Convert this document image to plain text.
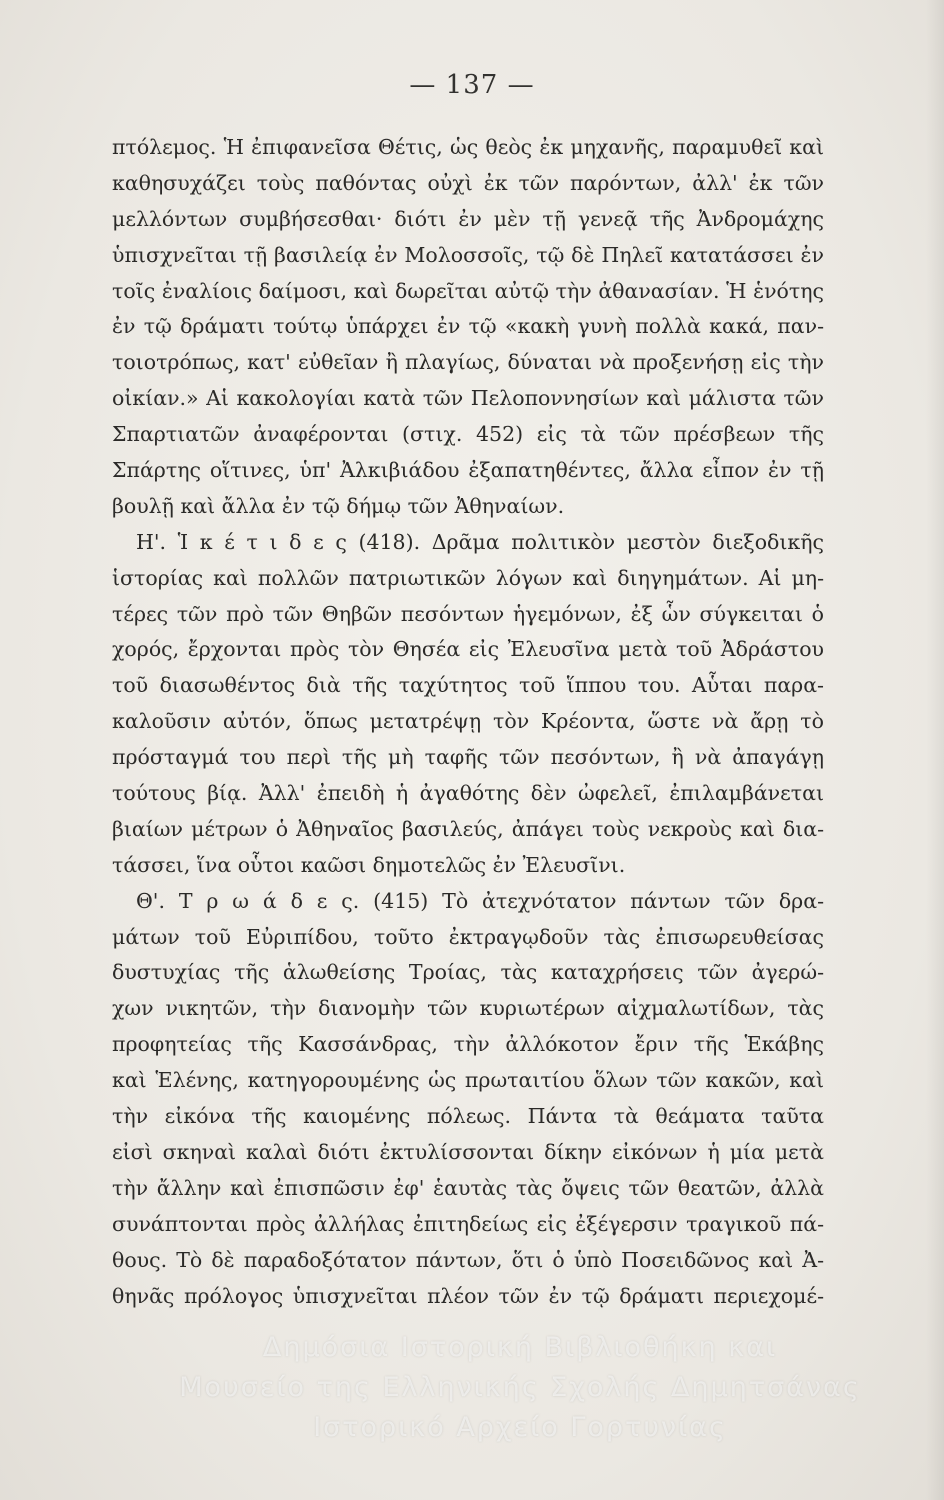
— 137 —
πτόλεμος. Ἡ ἐπιφανεῖσα Θέτις, ὡς θεὸς ἐκ μηχανῆς, παραμυθεῖ καὶ
καθησυχάζει τοὺς παθόντας οὐχὶ ἐκ τῶν παρόντων, ἀλλ' ἐκ τῶν
μελλόντων συμβήσεσθαι· διότι ἐν μὲν τῇ γενεᾷ τῆς Ἀνδρομάχης
ὑπισχνεῖται τῇ βασιλείᾳ ἐν Μολοσσοῖς, τῷ δὲ Πηλεῖ κατατάσσει ἐν
τοῖς ἐναλίοις δαίμοσι, καὶ δωρεῖται αὐτῷ τὴν ἀθανασίαν. Ἡ ἑνότης
ἐν τῷ δράματι τούτῳ ὑπάρχει ἐν τῷ «κακὴ γυνὴ πολλὰ κακά, παν-
τοιοτρόπως, κατ' εὐθεῖαν ἢ πλαγίως, δύναται νὰ προξενήσῃ εἰς τὴν
οἰκίαν.» Αἱ κακολογίαι κατὰ τῶν Πελοποννησίων καὶ μάλιστα τῶν
Σπαρτιατῶν ἀναφέρονται (στιχ. 452) εἰς τὰ τῶν πρέσβεων τῆς
Σπάρτης οἵτινες, ὑπ' Ἀλκιβιάδου ἐξαπατηθέντες, ἄλλα εἶπον ἐν τῇ
βουλῇ καὶ ἄλλα ἐν τῷ δήμῳ τῶν Ἀθηναίων.
Η'. Ἱ κ έ τ ι δ ε ς (418). Δρᾶμα πολιτικὸν μεστὸν διεξοδικῆς
ἱστορίας καὶ πολλῶν πατριωτικῶν λόγων καὶ διηγημάτων. Αἱ μη-
τέρες τῶν πρὸ τῶν Θηβῶν πεσόντων ἡγεμόνων, ἐξ ὧν σύγκειται ὁ
χορός, ἔρχονται πρὸς τὸν Θησέα εἰς Ἐλευσῖνα μετὰ τοῦ Ἀδράστου
τοῦ διασωθέντος διὰ τῆς ταχύτητος τοῦ ἵππου του. Αὗται παρα-
καλοῦσιν αὐτόν, ὅπως μετατρέψῃ τὸν Κρέοντα, ὥστε νὰ ἄρῃ τὸ
πρόσταγμά του περὶ τῆς μὴ ταφῆς τῶν πεσόντων, ἢ νὰ ἀπαγάγῃ
τούτους βίᾳ. Ἀλλ' ἐπειδὴ ἡ ἀγαθότης δὲν ὠφελεῖ, ἐπιλαμβάνεται
βιαίων μέτρων ὁ Ἀθηναῖος βασιλεύς, ἀπάγει τοὺς νεκροὺς καὶ δια-
τάσσει, ἵνα οὗτοι καῶσι δημοτελῶς ἐν Ἐλευσῖνι.
Θ'. Τ ρ ω ά δ ε ς. (415) Τὸ ἀτεχνότατον πάντων τῶν δρα-
μάτων τοῦ Εὐριπίδου, τοῦτο ἐκτραγῳδοῦν τὰς ἐπισωρευθείσας
δυστυχίας τῆς ἁλωθείσης Τροίας, τὰς καταχρήσεις τῶν ἀγερώ-
χων νικητῶν, τὴν διανομὴν τῶν κυριωτέρων αἰχμαλωτίδων, τὰς
προφητείας τῆς Κασσάνδρας, τὴν ἀλλόκοτον ἔριν τῆς Ἑκάβης
καὶ Ἑλένης, κατηγορουμένης ὡς πρωταιτίου ὅλων τῶν κακῶν, καὶ
τὴν εἰκόνα τῆς καιομένης πόλεως. Πάντα τὰ θεάματα ταῦτα
εἰσὶ σκηναὶ καλαὶ διότι ἐκτυλίσσονται δίκην εἰκόνων ἡ μία μετὰ
τὴν ἄλλην καὶ ἐπισπῶσιν ἐφ' ἑαυτὰς τὰς ὄψεις τῶν θεατῶν, ἀλλὰ
συνάπτονται πρὸς ἀλλήλας ἐπιτηδείως εἰς ἐξέγερσιν τραγικοῦ πά-
θους. Τὸ δὲ παραδοξότατον πάντων, ὅτι ὁ ὑπὸ Ποσειδῶνος καὶ Ἀ-
θηνᾶς πρόλογος ὑπισχνεῖται πλέον τῶν ἐν τῷ δράματι περιεχομέ-
Δημόσια Ιστορική Βιβλιοθήκη και
Μουσείο της Ελληνικής Σχολής Δημητσάνας
Ιστορικό Αρχείο Γορτυνίας
